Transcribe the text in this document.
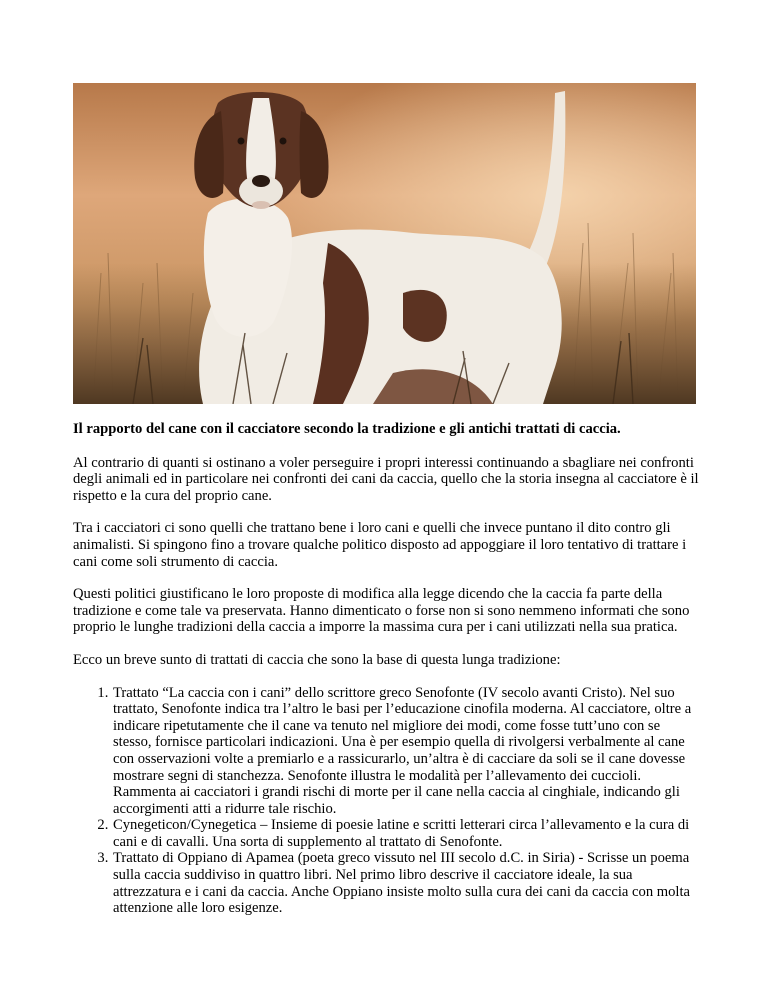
Il rapporto del cane con il cacciatore secondo la tradizione e gli antichi trattati di caccia.

Al contrario di quanti si ostinano a voler perseguire i propri interessi continuando a sbagliare nei confronti degli animali ed in particolare nei confronti dei cani da caccia, quello che la storia insegna al cacciatore è il rispetto e la cura del proprio cane.

Tra i cacciatori ci sono quelli che trattano bene i loro cani e quelli che invece puntano il dito contro gli animalisti. Si spingono fino a trovare qualche politico disposto ad appoggiare il loro tentativo di trattare i cani come soli strumento di caccia.

Questi politici giustificano le loro proposte di modifica alla legge dicendo che la caccia fa parte della tradizione e come tale va preservata. Hanno dimenticato o forse non si sono nemmeno informati che sono proprio le lunghe tradizioni della caccia a imporre la massima cura per i cani utilizzati nella sua pratica.

Ecco un breve sunto di trattati di caccia che sono la base di questa lunga tradizione:

1. Trattato “La caccia con i cani” dello scrittore greco Senofonte (IV secolo avanti Cristo). Nel suo trattato, Senofonte indica tra l’altro le basi per l’educazione cinofila moderna. Al cacciatore, oltre a indicare ripetutamente che il cane va tenuto nel migliore dei modi, come fosse tutt’uno con se stesso, fornisce particolari indicazioni. Una è per esempio quella di rivolgersi verbalmente al cane con osservazioni volte a premiarlo e a rassicurarlo, un’altra è di cacciare da soli se il cane dovesse mostrare segni di stanchezza. Senofonte illustra le modalità per l’allevamento dei cuccioli. Rammenta ai cacciatori i grandi rischi di morte per il cane nella caccia al cinghiale, indicando gli accorgimenti atti a ridurre tale rischio.
2. Cynegeticon/Cynegetica – Insieme di poesie latine e scritti letterari circa l’allevamento e la cura di cani e di cavalli. Una sorta di supplemento al trattato di Senofonte.
3. Trattato di Oppiano di Apamea (poeta greco vissuto nel III secolo d.C. in Siria) - Scrisse un poema sulla caccia suddiviso in quattro libri. Nel primo libro descrive il cacciatore ideale, la sua attrezzatura e i cani da caccia. Anche Oppiano insiste molto sulla cura dei cani da caccia con molta attenzione alle loro esigenze.
